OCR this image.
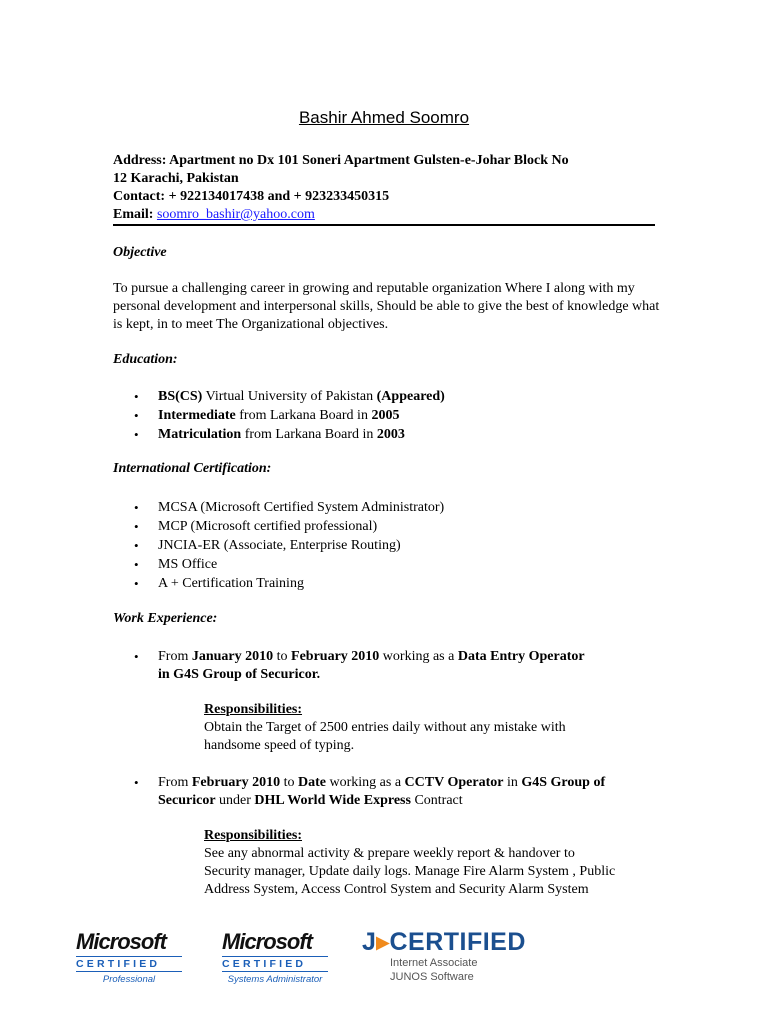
Bashir Ahmed Soomro
Address: Apartment no Dx 101 Soneri Apartment Gulsten-e-Johar Block No
12 Karachi, Pakistan
Contact: + 922134017438 and + 923233450315
Email: soomro_bashir@yahoo.com
Objective
To pursue a challenging career in growing and reputable organization Where I along with my personal development and interpersonal skills, Should be able to give the best of knowledge what is kept, in to meet The Organizational objectives.
Education:
• BS(CS) Virtual University of Pakistan (Appeared)
• Intermediate from Larkana Board in 2005
• Matriculation from Larkana Board in 2003
International Certification:
• MCSA (Microsoft Certified System Administrator)
• MCP (Microsoft certified professional)
• JNCIA-ER (Associate, Enterprise Routing)
• MS Office
• A + Certification Training
Work Experience:
• From January 2010 to February 2010 working as a Data Entry Operator
in G4S Group of Securicor.
Responsibilities:
Obtain the Target of 2500 entries daily without any mistake with
handsome speed of typing.
• From February 2010 to Date working as a CCTV Operator in G4S Group of
Securicor under DHL World Wide Express Contract
Responsibilities:
See any abnormal activity & prepare weekly report & handover to
Security manager, Update daily logs. Manage Fire Alarm System , Public
Address System, Access Control System and Security Alarm System
Microsoft
CERTIFIED
Professional
Microsoft
CERTIFIED
Systems Administrator
J▸CERTIFIED
Internet Associate
JUNOS Software
